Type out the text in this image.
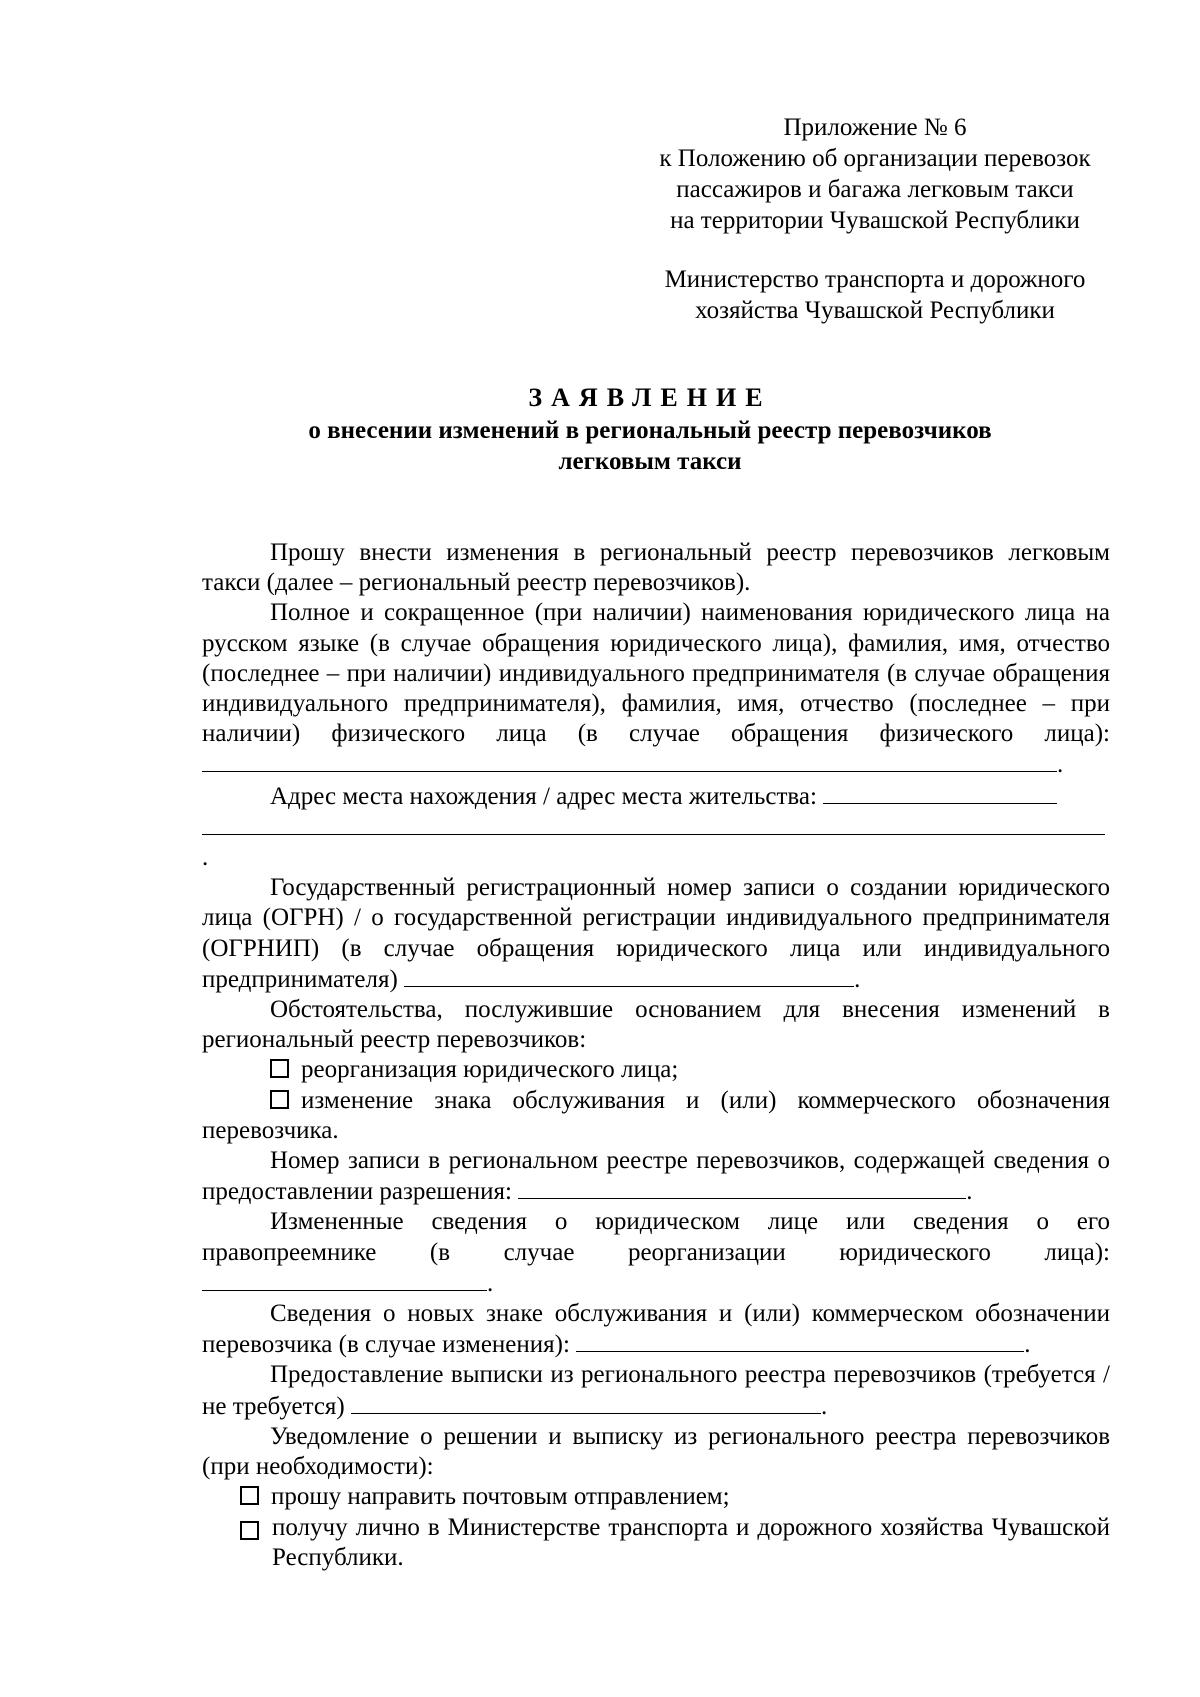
Приложение № 6
к Положению об организации перевозок
пассажиров и багажа легковым такси
на территории Чувашской Республики
Министерство транспорта и дорожного
хозяйства Чувашской Республики
ЗАЯВЛЕНИЕ
о внесении изменений в региональный реестр перевозчиков
легковым такси

Прошу внести изменения в региональный реестр перевозчиков легковым такси (далее – региональный реестр перевозчиков).

Полное и сокращенное (при наличии) наименования юридического лица на русском языке (в случае обращения юридического лица), фамилия, имя, отчество (последнее – при наличии) индивидуального предпринимателя (в случае обращения индивидуального предпринимателя), фамилия, имя, отчество (последнее – при наличии) физического лица (в случае обращения физического лица): .

Адрес места нахождения / адрес места жительства:

.

Государственный регистрационный номер записи о создании юридического лица (ОГРН) / о государственной регистрации индивидуального предпринимателя (ОГРНИП) (в случае обращения юридического лица или индивидуального предпринимателя)	.

Обстоятельства, послужившие основанием для внесения изменений в региональный реестр перевозчиков:

реорганизация юридического лица;

изменение знака обслуживания и (или) коммерческого обозначения перевозчика.

Номер записи в региональном реестре перевозчиков, содержащей сведения о предоставлении разрешения:	.

Измененные сведения о юридическом лице или сведения о его правопреемнике (в случае реорганизации юридического лица): .

Сведения о новых знаке обслуживания и (или) коммерческом обозначении перевозчика (в случае изменения):	.

Предоставление выписки из регионального реестра перевозчиков (требуется / не требуется)	.

Уведомление о решении и выписку из регионального реестра перевозчиков (при необходимости):

прошу направить почтовым отправлением;

получу лично в Министерстве транспорта и дорожного хозяйства Чувашской Республики.
